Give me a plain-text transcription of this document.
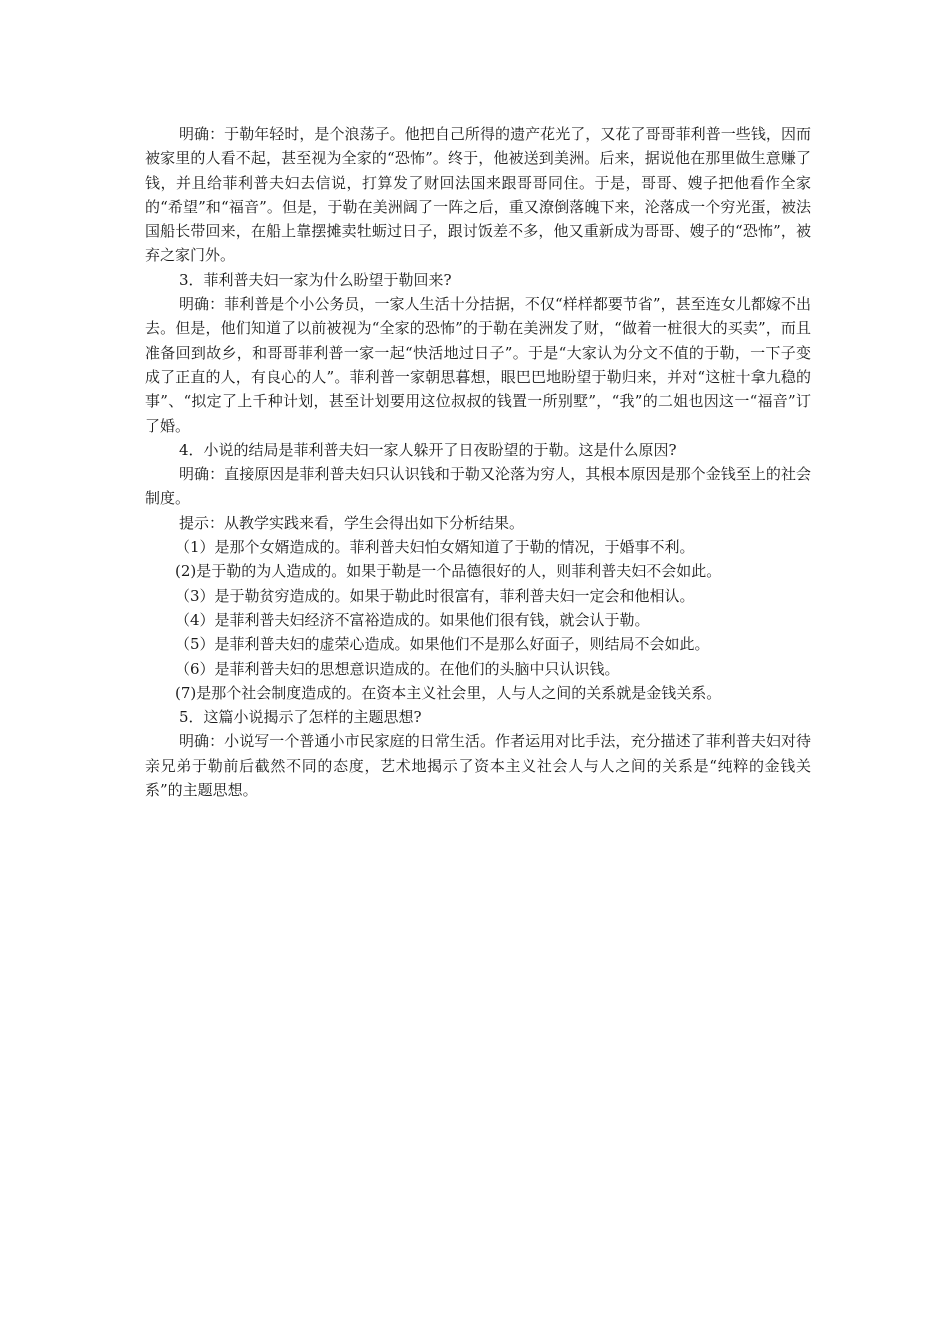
明确：于勒年轻时，是个浪荡子。他把自己所得的遗产花光了，又花了哥哥菲利普一些钱，因而被家里的人看不起，甚至视为全家的“恐怖”。终于，他被送到美洲。后来，据说他在那里做生意赚了钱，并且给菲利普夫妇去信说，打算发了财回法国来跟哥哥同住。于是，哥哥、嫂子把他看作全家的“希望”和“福音”。但是，于勒在美洲阔了一阵之后，重又潦倒落魄下来，沦落成一个穷光蛋，被法国船长带回来，在船上靠摆摊卖牡蛎过日子，跟讨饭差不多，他又重新成为哥哥、嫂子的“恐怖”，被弃之家门外。

3．菲利普夫妇一家为什么盼望于勒回来?

明确：菲利普是个小公务员，一家人生活十分拮据，不仅“样样都要节省”，甚至连女儿都嫁不出去。但是，他们知道了以前被视为“全家的恐怖”的于勒在美洲发了财，“做着一桩很大的买卖”，而且准备回到故乡，和哥哥菲利普一家一起“快活地过日子”。于是“大家认为分文不值的于勒，一下子变成了正直的人，有良心的人”。菲利普一家朝思暮想，眼巴巴地盼望于勒归来，并对“这桩十拿九稳的事”、“拟定了上千种计划，甚至计划要用这位叔叔的钱置一所别墅”，“我”的二姐也因这一“福音”订了婚。

4．小说的结局是菲利普夫妇一家人躲开了日夜盼望的于勒。这是什么原因?

明确：直接原因是菲利普夫妇只认识钱和于勒又沦落为穷人，其根本原因是那个金钱至上的社会制度。

提示：从教学实践来看，学生会得出如下分析结果。

（1）是那个女婿造成的。菲利普夫妇怕女婿知道了于勒的情况，于婚事不利。

(2)是于勒的为人造成的。如果于勒是一个品德很好的人，则菲利普夫妇不会如此。

（3）是于勒贫穷造成的。如果于勒此时很富有，菲利普夫妇一定会和他相认。

（4）是菲利普夫妇经济不富裕造成的。如果他们很有钱，就会认于勒。

（5）是菲利普夫妇的虚荣心造成。如果他们不是那么好面子，则结局不会如此。

（6）是菲利普夫妇的思想意识造成的。在他们的头脑中只认识钱。

(7)是那个社会制度造成的。在资本主义社会里，人与人之间的关系就是金钱关系。

5．这篇小说揭示了怎样的主题思想?

明确：小说写一个普通小市民家庭的日常生活。作者运用对比手法，充分描述了菲利普夫妇对待亲兄弟于勒前后截然不同的态度，艺术地揭示了资本主义社会人与人之间的关系是“纯粹的金钱关系”的主题思想。
